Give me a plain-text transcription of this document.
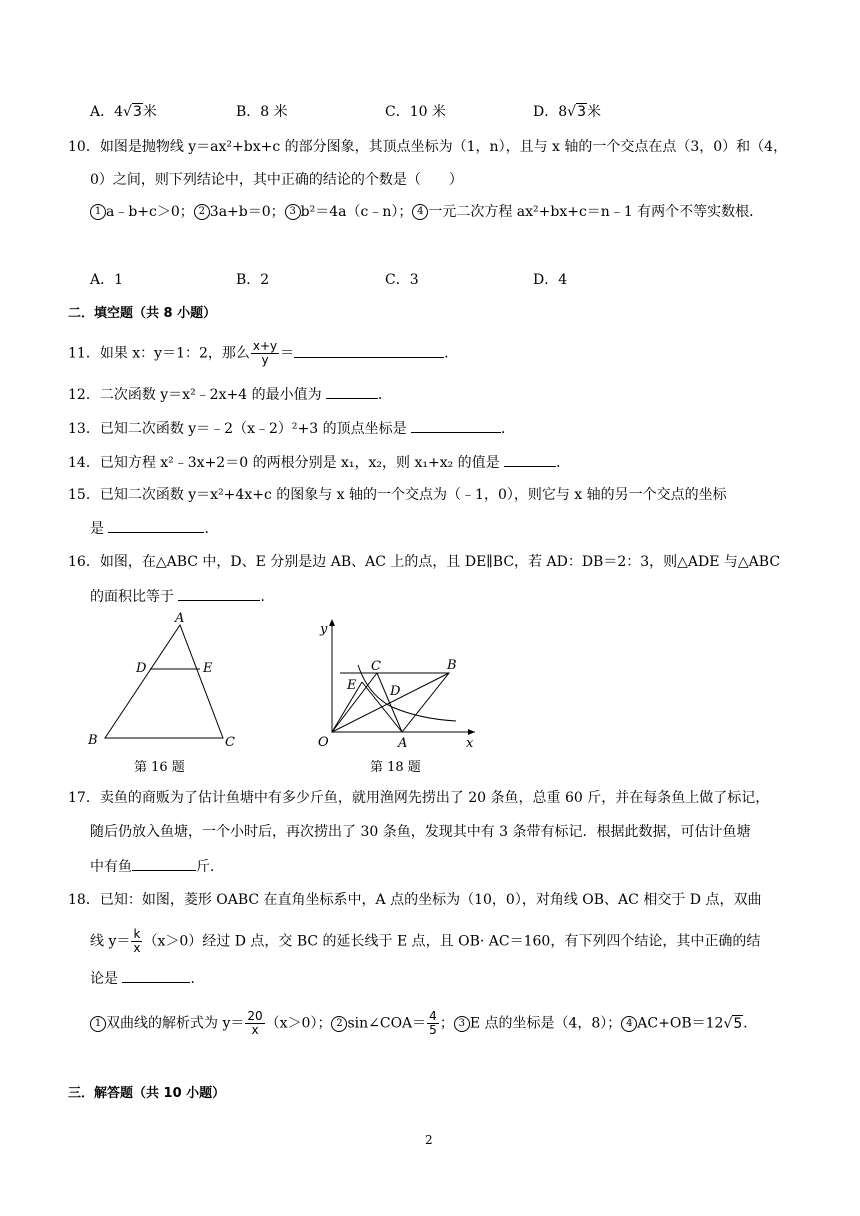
A．4√3米	B．8 米	C．10 米	D．8√3米
10．如图是抛物线 y＝ax²+bx+c 的部分图象，其顶点坐标为（1，n），且与 x 轴的一个交点在点（3，0）和（4，
0）之间，则下列结论中，其中正确的结论的个数是（　　）
1 a﹣b+c＞0； 2 3a+b＝0； 3 b²＝4a（c﹣n）； 4 一元二次方程 ax²+bx+c＝n﹣1 有两个不等实数根．
A．1	B．2	C．3	D．4
二．填空题（共 8 小题）
11．如果 x：y＝1：2，那么 $\frac{x+y}{y}$ ＝	．
12．二次函数 y＝x²﹣2x+4 的最小值为	．
13．已知二次函数 y＝﹣2（x﹣2）²+3 的顶点坐标是	．
14．已知方程 x²﹣3x+2＝0 的两根分别是 x₁，x₂，则 x₁+x₂ 的值是	．
15．已知二次函数 y＝x²+4x+c 的图象与 x 轴的一个交点为（﹣1，0），则它与 x 轴的另一个交点的坐标
是	．
16．如图，在△ABC 中，D、E 分别是边 AB、AC 上的点，且 DE∥BC，若 AD：DB＝2：3，则△ADE 与△ABC
的面积比等于	．
A
D	E
B	C
第 16 题
y
x
O	A
B
C
D
E
第 18 题
17．卖鱼的商贩为了估计鱼塘中有多少斤鱼，就用渔网先捞出了 20 条鱼，总重 60 斤，并在每条鱼上做了标记，
随后仍放入鱼塘，一个小时后，再次捞出了 30 条鱼，发现其中有 3 条带有标记．根据此数据，可估计鱼塘
中有鱼	斤．
18．已知：如图，菱形 OABC 在直角坐标系中，A 点的坐标为（10，0），对角线 OB、AC 相交于 D 点，双曲
线 $y= \frac{k}{x} (x>0)$经过 D 点，交 BC 的延长线于 E 点，且 OB· AC＝160，有下列四个结论，其中正确的结
论是	．
1 双曲线的解析式为 $y= \frac{20}{x} (x>0)$； 2 sin∠COA＝ $\frac{4}{5}$ ； 3 E 点的坐标是（4，8）； 4 AC+OB＝12√5．
三．解答题（共 10 小题）
2
